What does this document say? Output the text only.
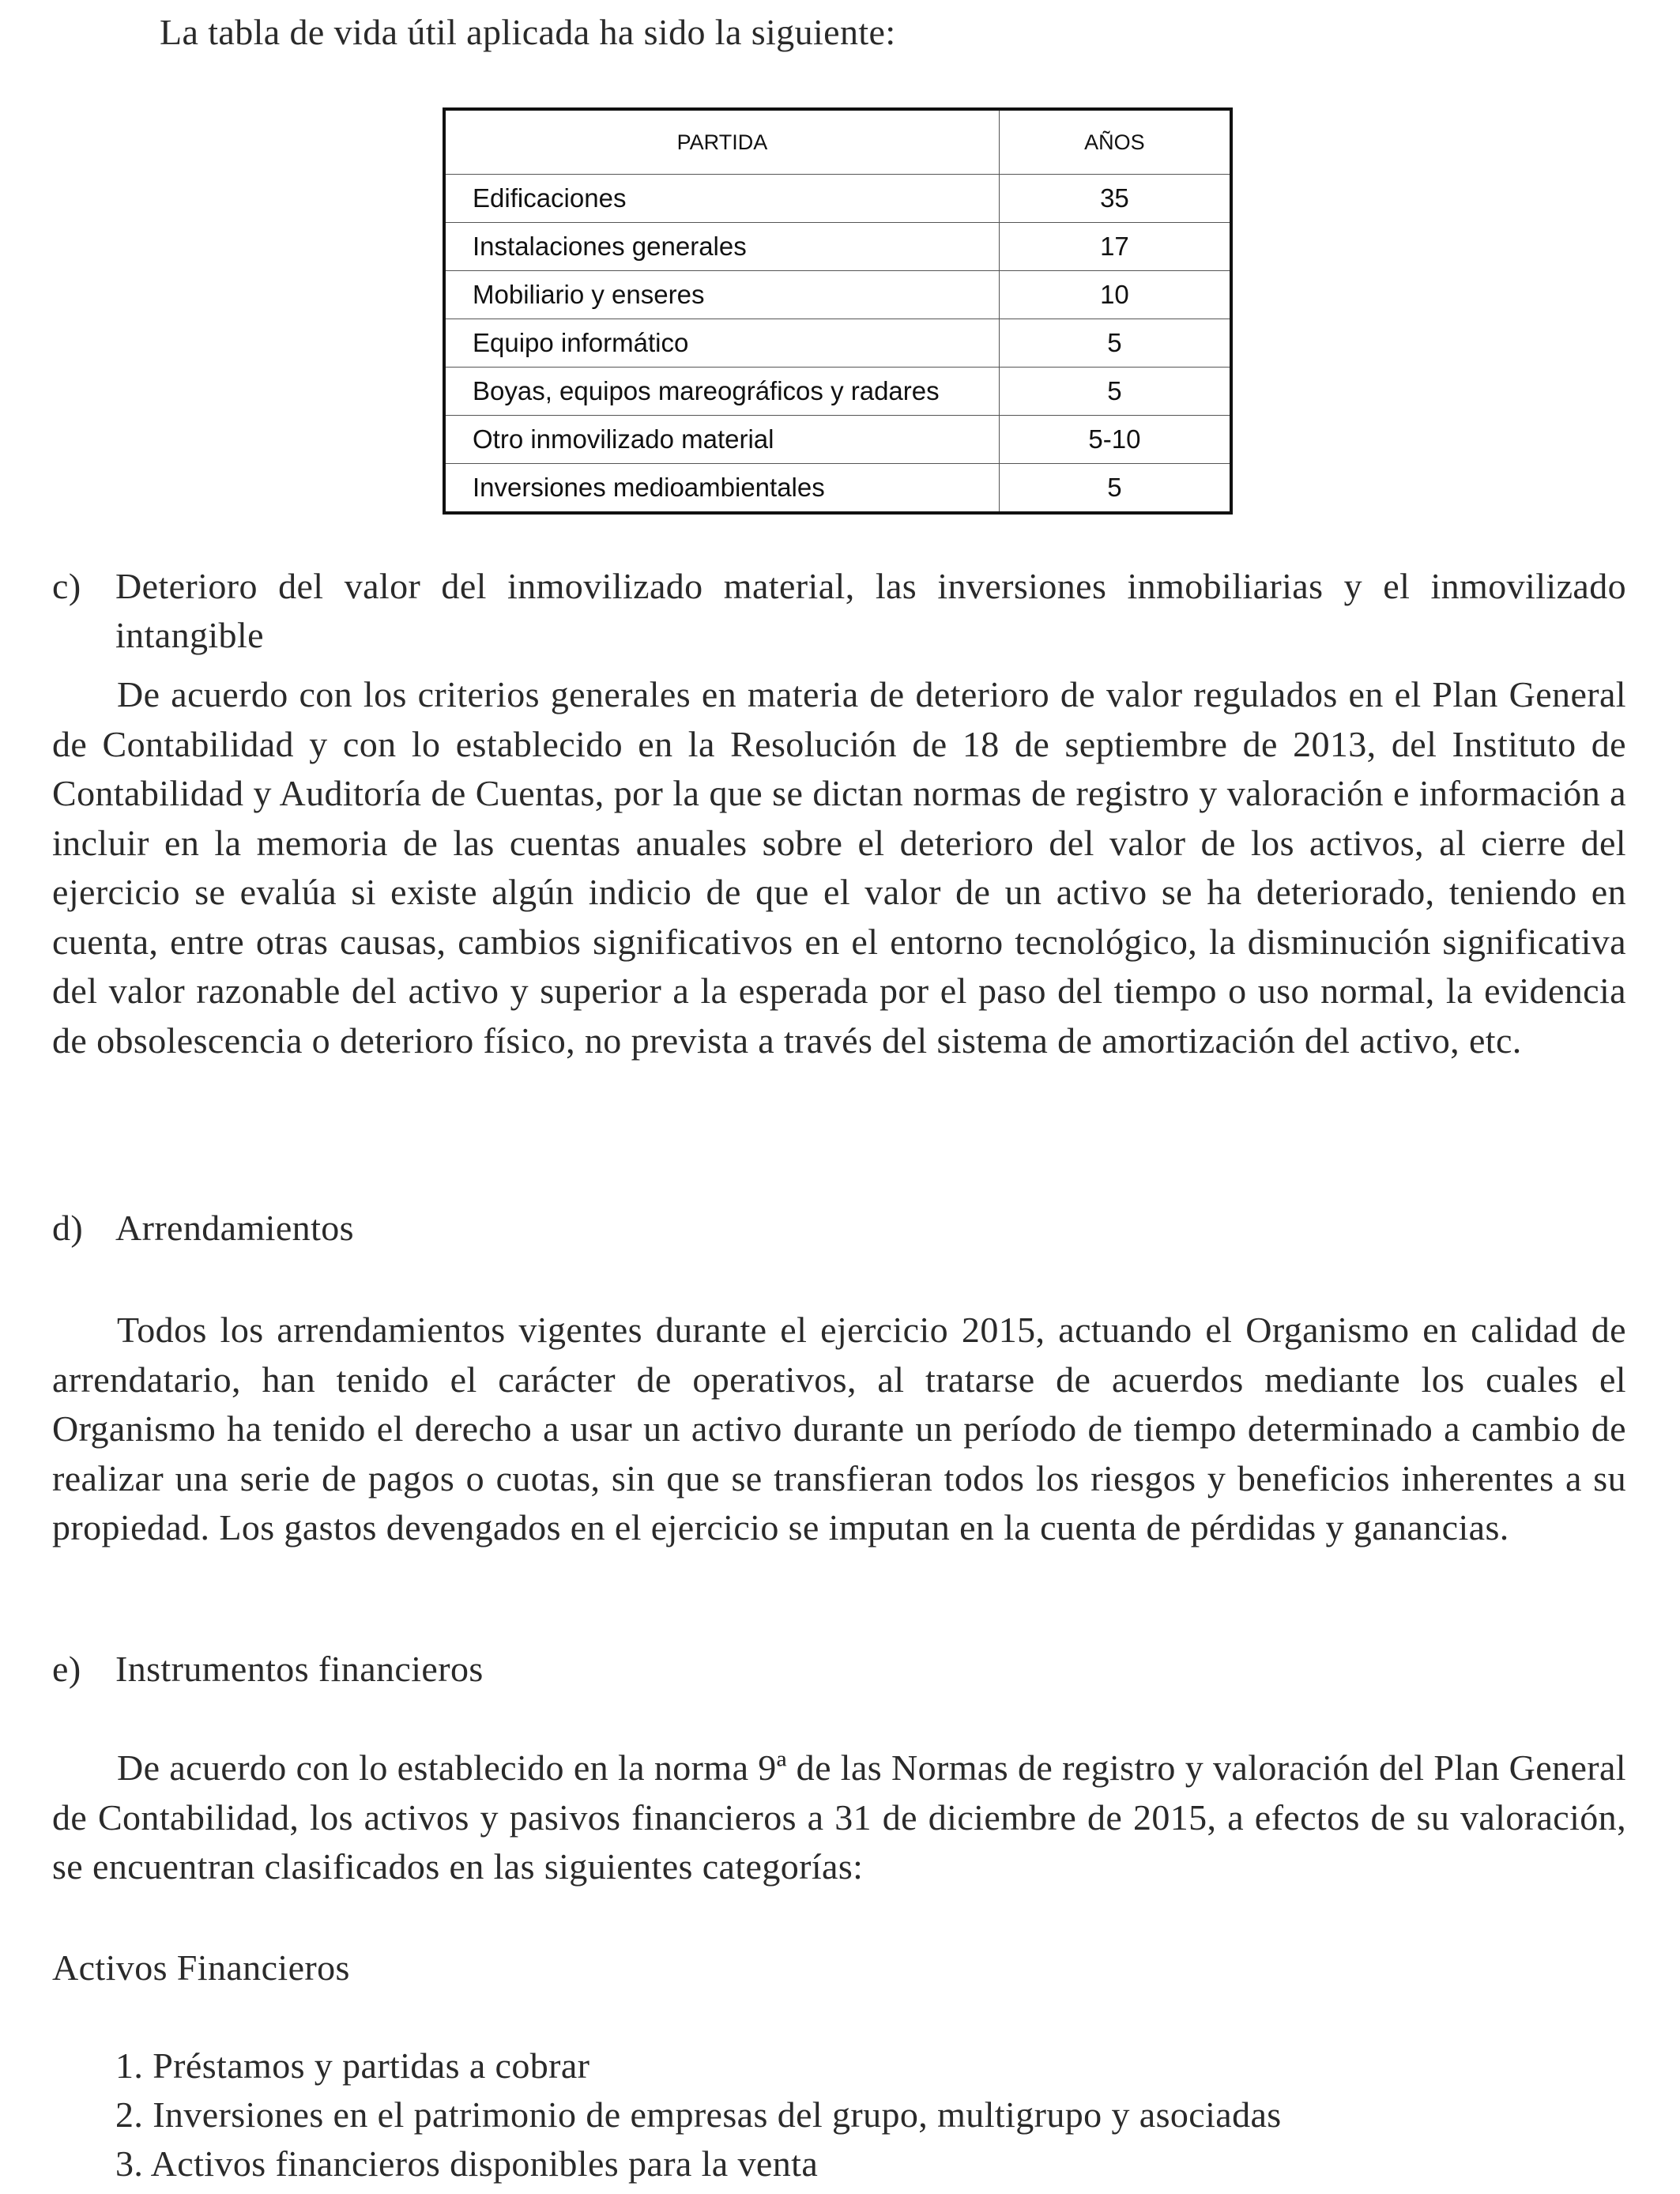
La tabla de vida útil aplicada ha sido la siguiente:
PARTIDA	AÑOS
Edificaciones	35
Instalaciones generales	17
Mobiliario y enseres	10
Equipo informático	5
Boyas, equipos mareográficos y radares	5
Otro inmovilizado material	5-10
Inversiones medioambientales	5
c) Deterioro del valor del inmovilizado material, las inversiones inmobiliarias y el inmovilizado intangible
De acuerdo con los criterios generales en materia de deterioro de valor regulados en el Plan General de Contabilidad y con lo establecido en la Resolución de 18 de septiembre de 2013, del Instituto de Contabilidad y Auditoría de Cuentas, por la que se dictan normas de registro y valoración e información a incluir en la memoria de las cuentas anuales sobre el deterioro del valor de los activos, al cierre del ejercicio se evalúa si existe algún indicio de que el valor de un activo se ha deteriorado, teniendo en cuenta, entre otras causas, cambios significativos en el entorno tecnológico, la disminución significativa del valor razonable del activo y superior a la esperada por el paso del tiempo o uso normal, la evidencia de obsolescencia o deterioro físico, no prevista a través del sistema de amortización del activo, etc.
d) Arrendamientos
Todos los arrendamientos vigentes durante el ejercicio 2015, actuando el Organismo en calidad de arrendatario, han tenido el carácter de operativos, al tratarse de acuerdos mediante los cuales el Organismo ha tenido el derecho a usar un activo durante un período de tiempo determinado a cambio de realizar una serie de pagos o cuotas, sin que se transfieran todos los riesgos y beneficios inherentes a su propiedad. Los gastos devengados en el ejercicio se imputan en la cuenta de pérdidas y ganancias.
e) Instrumentos financieros
De acuerdo con lo establecido en la norma 9ª de las Normas de registro y valoración del Plan General de Contabilidad, los activos y pasivos financieros a 31 de diciembre de 2015, a efectos de su valoración, se encuentran clasificados en las siguientes categorías:
Activos Financieros
1. Préstamos y partidas a cobrar
2. Inversiones en el patrimonio de empresas del grupo, multigrupo y asociadas
3. Activos financieros disponibles para la venta
